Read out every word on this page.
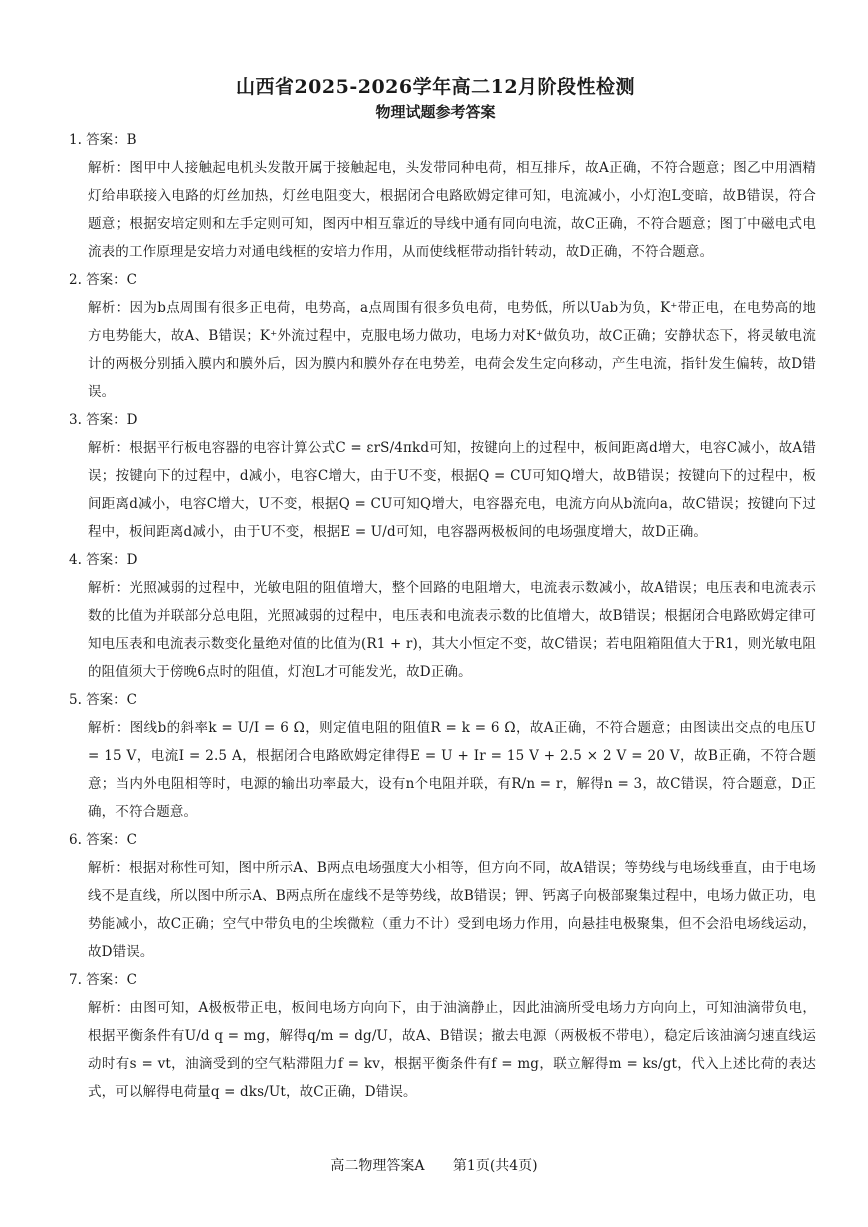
山西省2025-2026学年高二12月阶段性检测
物理试题参考答案
1. 答案：B
解析：图甲中人接触起电机头发散开属于接触起电，头发带同种电荷，相互排斥，故A正确，不符合题意；图乙中用酒精灯给串联接入电路的灯丝加热，灯丝电阻变大，根据闭合电路欧姆定律可知，电流减小，小灯泡L变暗，故B错误，符合题意；根据安培定则和左手定则可知，图丙中相互靠近的导线中通有同向电流，故C正确，不符合题意；图丁中磁电式电流表的工作原理是安培力对通电线框的安培力作用，从而使线框带动指针转动，故D正确，不符合题意。
2. 答案：C
解析：因为b点周围有很多正电荷，电势高，a点周围有很多负电荷，电势低，所以Uab为负，K⁺带正电，在电势高的地方电势能大，故A、B错误；K⁺外流过程中，克服电场力做功，电场力对K⁺做负功，故C正确；安静状态下，将灵敏电流计的两极分别插入膜内和膜外后，因为膜内和膜外存在电势差，电荷会发生定向移动，产生电流，指针发生偏转，故D错误。
3. 答案：D
解析：根据平行板电容器的电容计算公式C = εrS/4πkd可知，按键向上的过程中，板间距离d增大，电容C减小，故A错误；按键向下的过程中，d减小，电容C增大，由于U不变，根据Q = CU可知Q增大，故B错误；按键向下的过程中，板间距离d减小，电容C增大，U不变，根据Q = CU可知Q增大，电容器充电，电流方向从b流向a，故C错误；按键向下过程中，板间距离d减小，由于U不变，根据E = U/d可知，电容器两极板间的电场强度增大，故D正确。
4. 答案：D
解析：光照减弱的过程中，光敏电阻的阻值增大，整个回路的电阻增大，电流表示数减小，故A错误；电压表和电流表示数的比值为并联部分总电阻，光照减弱的过程中，电压表和电流表示数的比值增大，故B错误；根据闭合电路欧姆定律可知电压表和电流表示数变化量绝对值的比值为(R1 + r)，其大小恒定不变，故C错误；若电阻箱阻值大于R1，则光敏电阻的阻值须大于傍晚6点时的阻值，灯泡L才可能发光，故D正确。
5. 答案：C
解析：图线b的斜率k = U/I = 6 Ω，则定值电阻的阻值R = k = 6 Ω，故A正确，不符合题意；由图读出交点的电压U = 15 V，电流I = 2.5 A，根据闭合电路欧姆定律得E = U + Ir = 15 V + 2.5 × 2 V = 20 V，故B正确，不符合题意；当内外电阻相等时，电源的输出功率最大，设有n个电阻并联，有R/n = r，解得n = 3，故C错误，符合题意，D正确，不符合题意。
6. 答案：C
解析：根据对称性可知，图中所示A、B两点电场强度大小相等，但方向不同，故A错误；等势线与电场线垂直，由于电场线不是直线，所以图中所示A、B两点所在虚线不是等势线，故B错误；钾、钙离子向极部聚集过程中，电场力做正功，电势能减小，故C正确；空气中带负电的尘埃微粒（重力不计）受到电场力作用，向悬挂电极聚集，但不会沿电场线运动，故D错误。
7. 答案：C
解析：由图可知，A极板带正电，板间电场方向向下，由于油滴静止，因此油滴所受电场力方向向上，可知油滴带负电，根据平衡条件有U/d q = mg，解得q/m = dg/U，故A、B错误；撤去电源（两极板不带电），稳定后该油滴匀速直线运动时有s = vt，油滴受到的空气粘滞阻力f = kv，根据平衡条件有f = mg，联立解得m = ks/gt，代入上述比荷的表达式，可以解得电荷量q = dks/Ut，故C正确，D错误。
高二物理答案A 第1页(共4页)
